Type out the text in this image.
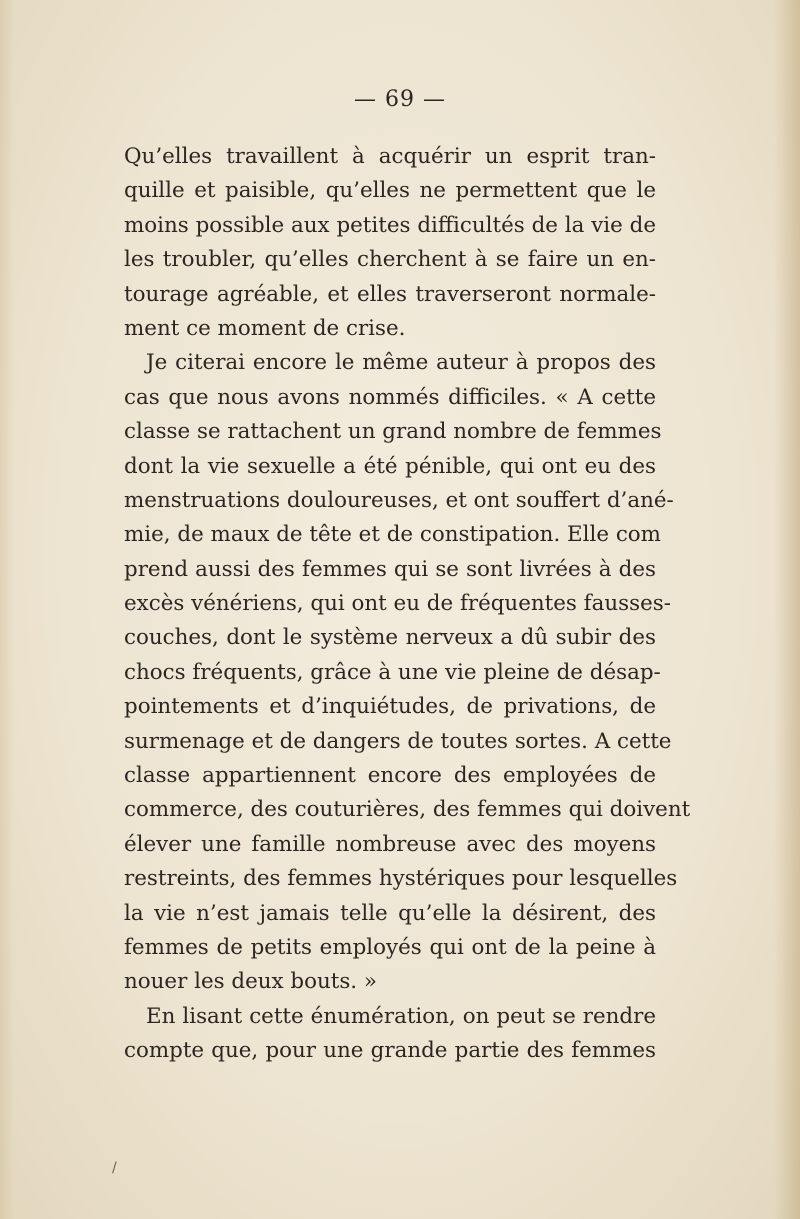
— 69 —
Qu’elles travaillent à acquérir un esprit tran-
quille et paisible, qu’elles ne permettent que le
moins possible aux petites difficultés de la vie de
les troubler, qu’elles cherchent à se faire un en-
tourage agréable, et elles traverseront normale-
ment ce moment de crise.
Je citerai encore le même auteur à propos des
cas que nous avons nommés difficiles. « A cette
classe se rattachent un grand nombre de femmes
dont la vie sexuelle a été pénible, qui ont eu des
menstruations douloureuses, et ont souffert d’ané-
mie, de maux de tête et de constipation. Elle com
prend aussi des femmes qui se sont livrées à des
excès vénériens, qui ont eu de fréquentes fausses-
couches, dont le système nerveux a dû subir des
chocs fréquents, grâce à une vie pleine de désap-
pointements et d’inquiétudes, de privations, de
surmenage et de dangers de toutes sortes. A cette
classe appartiennent encore des employées de
commerce, des couturières, des femmes qui doivent
élever une famille nombreuse avec des moyens
restreints, des femmes hystériques pour lesquelles
la vie n’est jamais telle qu’elle la désirent, des
femmes de petits employés qui ont de la peine à
nouer les deux bouts. »
En lisant cette énumération, on peut se rendre
compte que, pour une grande partie des femmes
/
